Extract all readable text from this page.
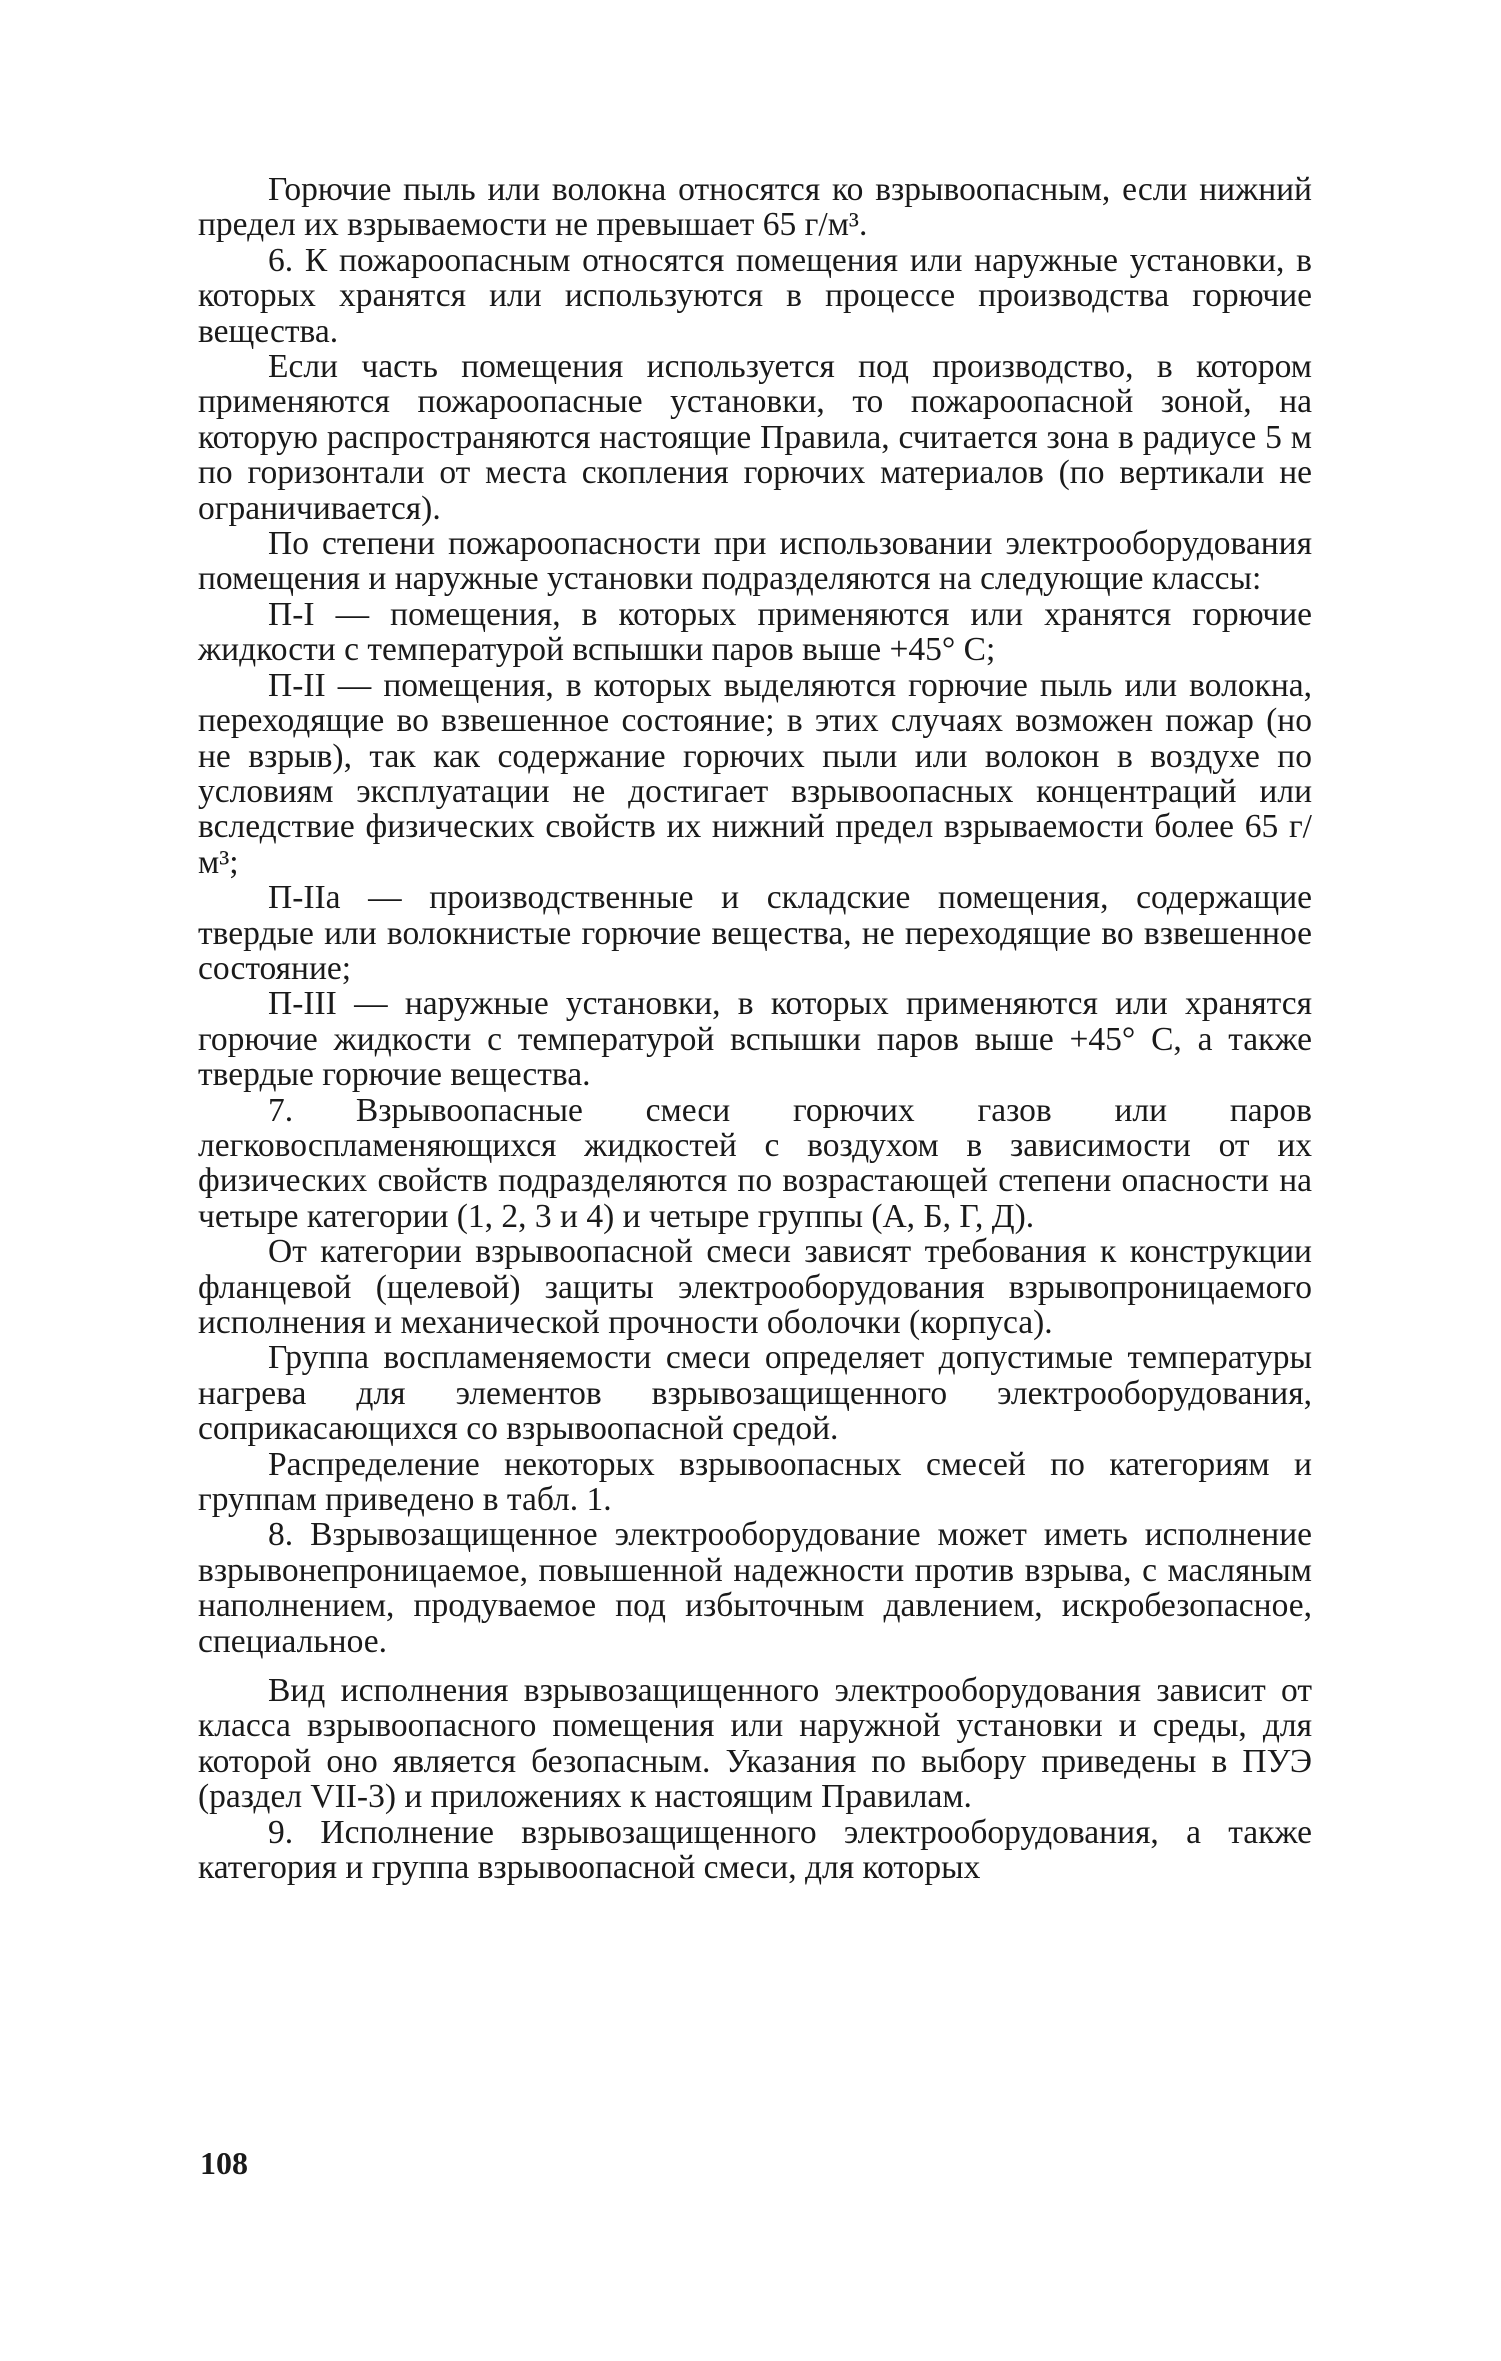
Горючие пыль или волокна относятся ко взрывоопасным, если нижний предел их взрываемости не превышает 65 г/м³.

6. К пожароопасным относятся помещения или наружные установки, в которых хранятся или используются в процессе производства горючие вещества.

Если часть помещения используется под производство, в котором применяются пожароопасные установки, то пожароопасной зоной, на которую распространяются настоящие Правила, считается зона в радиусе 5 м по горизонтали от места скопления горючих материалов (по вертикали не ограничивается).

По степени пожароопасности при использовании электрооборудования помещения и наружные установки подразделяются на следующие классы:

П-I — помещения, в которых применяются или хранятся горючие жидкости с температурой вспышки паров выше +45° С;

П-II — помещения, в которых выделяются горючие пыль или волокна, переходящие во взвешенное состояние; в этих случаях возможен пожар (но не взрыв), так как содержание горючих пыли или волокон в воздухе по условиям эксплуатации не достигает взрывоопасных концентраций или вследствие физических свойств их нижний предел взрываемости более 65 г/м³;

П-IIа — производственные и складские помещения, содержащие твердые или волокнистые горючие вещества, не переходящие во взвешенное состояние;

П-III — наружные установки, в которых применяются или хранятся горючие жидкости с температурой вспышки паров выше +45° С, а также твердые горючие вещества.

7. Взрывоопасные смеси горючих газов или паров легковоспламеняющихся жидкостей с воздухом в зависимости от их физических свойств подразделяются по возрастающей степени опасности на четыре категории (1, 2, 3 и 4) и четыре группы (А, Б, Г, Д).

От категории взрывоопасной смеси зависят требования к конструкции фланцевой (щелевой) защиты электрооборудования взрывопроницаемого исполнения и механической прочности оболочки (корпуса).

Группа воспламеняемости смеси определяет допустимые температуры нагрева для элементов взрывозащищенного электрооборудования, соприкасающихся со взрывоопасной средой.

Распределение некоторых взрывоопасных смесей по категориям и группам приведено в табл. 1.

8. Взрывозащищенное электрооборудование может иметь исполнение взрывонепроницаемое, повышенной надежности против взрыва, с масляным наполнением, продуваемое под избыточным давлением, искробезопасное, специальное.

Вид исполнения взрывозащищенного электрооборудования зависит от класса взрывоопасного помещения или наружной установки и среды, для которой оно является безопасным. Указания по выбору приведены в ПУЭ (раздел VII-3) и приложениях к настоящим Правилам.

9. Исполнение взрывозащищенного электрооборудования, а также категория и группа взрывоопасной смеси, для которых

108
